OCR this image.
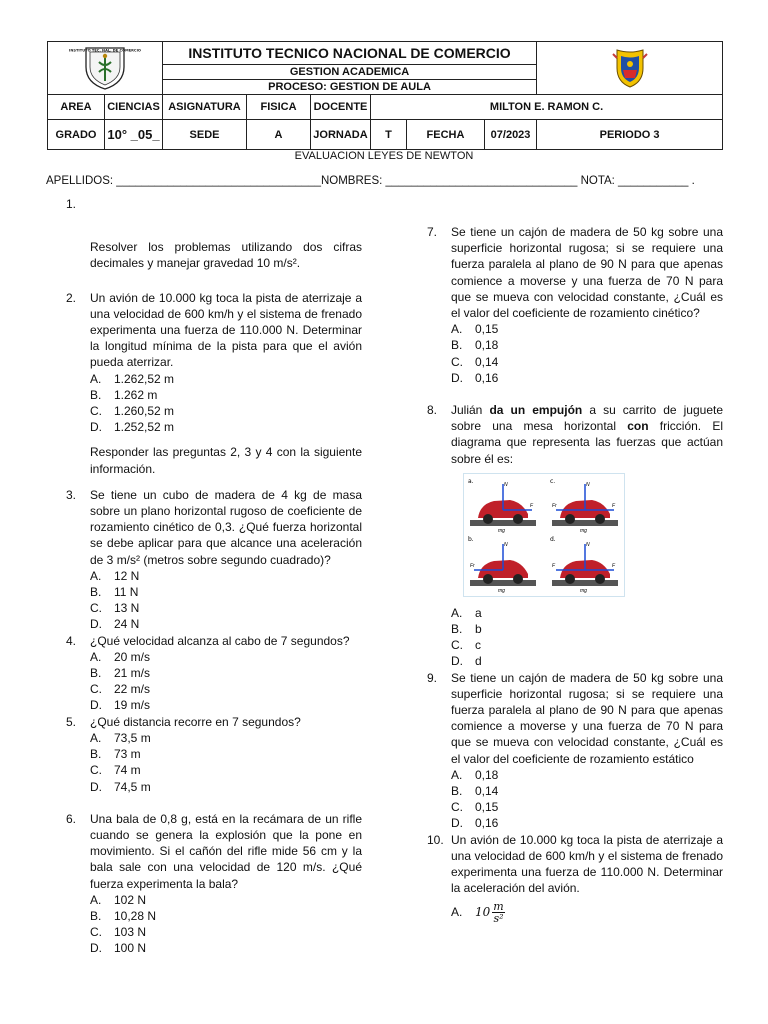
INSTITUTO TÉC. NAL. DE COMERCIO		INSTITUTO TECNICO NACIONAL DE COMERCIO	

		GESTION ACADEMICA						
		PROCESO: GESTION DE AULA						
AREA	CIENCIAS	ASIGNATURA	FISICA	DOCENTE	MILTON E. RAMON C.			
GRADO	10° _05_	SEDE	A	JORNADA	T	FECHA	07/2023	PERIODO 3
EVALUACION LEYES DE NEWTON
APELLIDOS: ________________________________NOMBRES: ______________________________ NOTA: ___________ .
1.
Resolver los problemas utilizando dos cifras decimales y manejar gravedad 10 m/s².
2.	Un avión de 10.000 kg toca la pista de aterrizaje a una velocidad de 600 km/h y el sistema de frenado experimenta una fuerza de 110.000 N. Determinar la longitud mínima de la pista para que el avión pueda aterrizar.
A.	1.262,52 m
B.	1.262 m
C.	1.260,52 m
D.	1.252,52 m
Responder las preguntas 2, 3 y 4 con la siguiente información.
3.	Se tiene un cubo de madera de 4 kg de masa sobre un plano horizontal rugoso de coeficiente de rozamiento cinético de 0,3. ¿Qué fuerza horizontal se debe aplicar para que alcance una aceleración de 3 m/s² (metros sobre segundo cuadrado)?
A.	12 N
B.	11 N
C.	13 N
D.	24 N
4.	¿Qué velocidad alcanza al cabo de 7 segundos?
A.	20 m/s
B.	21 m/s
C.	22 m/s
D.	19 m/s
5.	¿Qué distancia recorre en 7 segundos?
A.	73,5 m
B.	73 m
C.	74 m
D.	74,5 m
6.	Una bala de 0,8 g, está en la recámara de un rifle cuando se genera la explosión que la pone en movimiento. Si el cañón del rifle mide 56 cm y la bala sale con una velocidad de 120 m/s. ¿Qué fuerza experimenta la bala?
A.	102 N
B.	10,28 N
C.	103 N
D.	100 N
7.	Se tiene un cajón de madera de 50 kg sobre una superficie horizontal rugosa; si se requiere una fuerza paralela al plano de 90 N para que apenas comience a moverse y una fuerza de 70 N para que se mueva con velocidad constante, ¿Cuál es el valor del coeficiente de rozamiento cinético?
A.	0,15
B.	0,18
C.	0,14
D.	0,16
8.	Julián da un empujón a su carrito de juguete sobre una mesa horizontal con fricción. El diagrama que representa las fuerzas que actúan sobre él es:
a.	N
F
mg
c.	N
Fr	F
mg
b.
N
Fr
mg
d.
N
F	F
mg
A.	a
B.	b
C.	c
D.	d
9.	Se tiene un cajón de madera de 50 kg sobre una superficie horizontal rugosa; si se requiere una fuerza paralela al plano de 90 N para que apenas comience a moverse y una fuerza de 70 N para que se mueva con velocidad constante, ¿Cuál es el valor del coeficiente de rozamiento estático
A.	0,18
B.	0,14
C.	0,15
D.	0,16
10. Un avión de 10.000 kg toca la pista de aterrizaje a una velocidad de 600 km/h y el sistema de frenado experimenta una fuerza de 110.000 N. Determinar la aceleración del avión.
A.	$10 \frac{m}{\text{s²}}$
